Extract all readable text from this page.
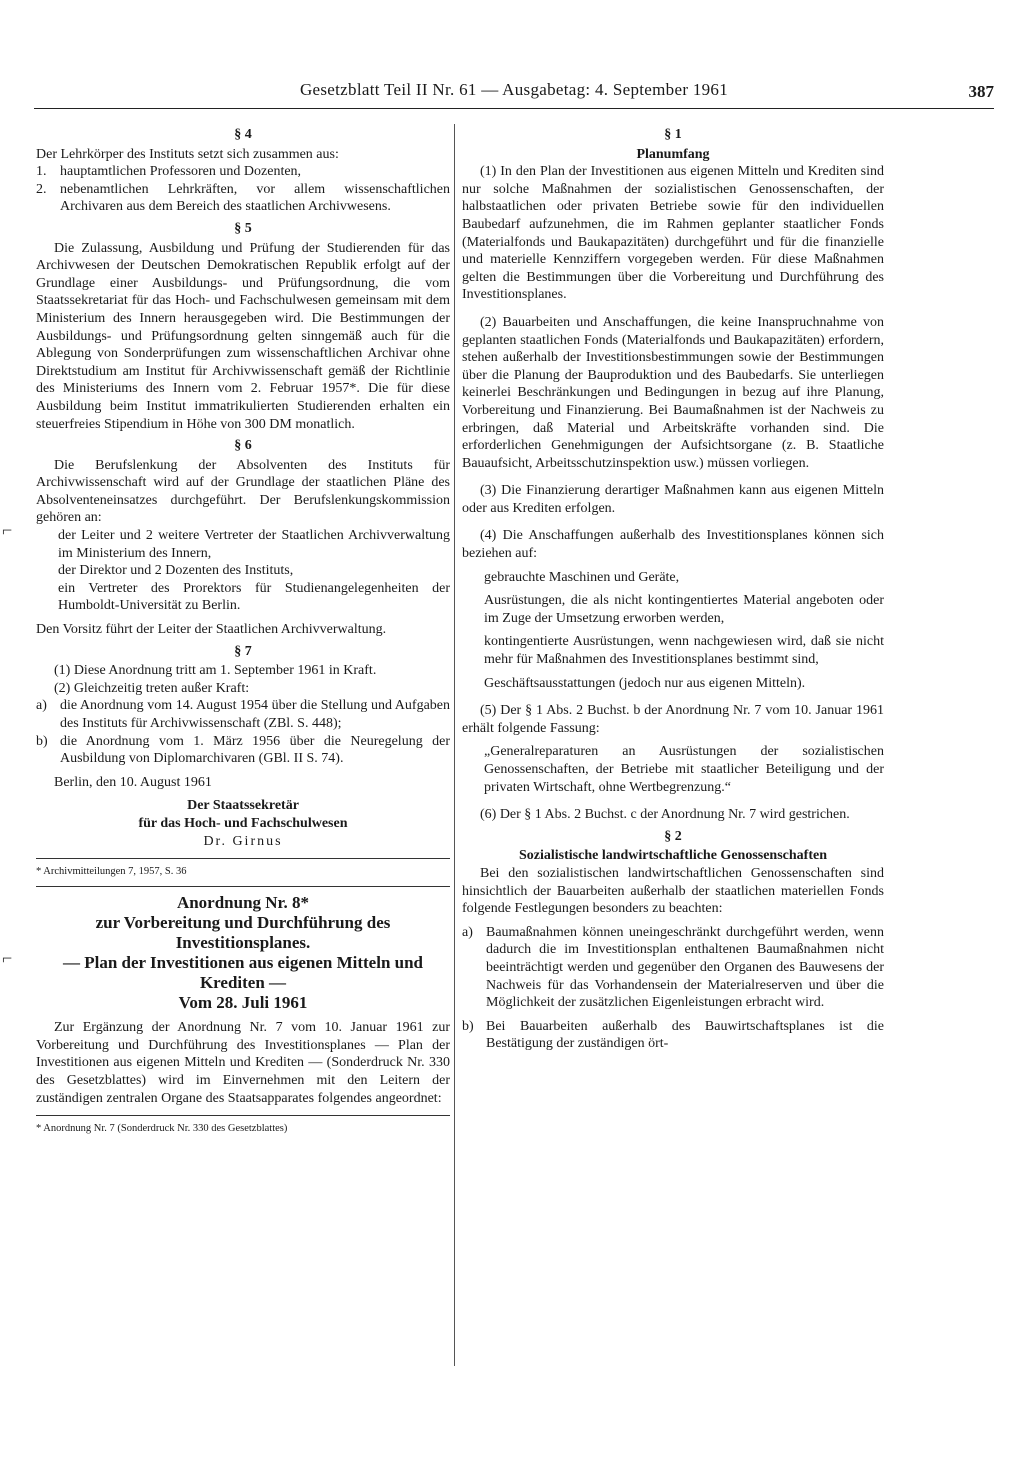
Gesetzblatt Teil II Nr. 61 — Ausgabetag: 4. September 1961	387

§ 4

Der Lehrkörper des Instituts setzt sich zusammen aus:

1. hauptamtlichen Professoren und Dozenten,
2. nebenamtlichen Lehrkräften, vor allem wissenschaftlichen Archivaren aus dem Bereich des staatlichen Archivwesens.

§ 5

Die Zulassung, Ausbildung und Prüfung der Studierenden für das Archivwesen der Deutschen Demokratischen Republik erfolgt auf der Grundlage einer Ausbildungs- und Prüfungsordnung, die vom Staatssekretariat für das Hoch- und Fachschulwesen gemeinsam mit dem Ministerium des Innern herausgegeben wird. Die Bestimmungen der Ausbildungs- und Prüfungsordnung gelten sinngemäß auch für die Ablegung von Sonderprüfungen zum wissenschaftlichen Archivar ohne Direktstudium am Institut für Archivwissenschaft gemäß der Richtlinie des Ministeriums des Innern vom 2. Februar 1957*. Die für diese Ausbildung beim Institut immatrikulierten Studierenden erhalten ein steuerfreies Stipendium in Höhe von 300 DM monatlich.

§ 6

Die Berufslenkung der Absolventen des Instituts für Archivwissenschaft wird auf der Grundlage der staatlichen Pläne des Absolventeneinsatzes durchgeführt. Der Berufslenkungskommission gehören an:

der Leiter und 2 weitere Vertreter der Staatlichen Archivverwaltung im Ministerium des Innern,

der Direktor und 2 Dozenten des Instituts,

ein Vertreter des Prorektors für Studienangelegenheiten der Humboldt-Universität zu Berlin.

Den Vorsitz führt der Leiter der Staatlichen Archivverwaltung.

§ 7

(1) Diese Anordnung tritt am 1. September 1961 in Kraft.

(2) Gleichzeitig treten außer Kraft:

a) die Anordnung vom 14. August 1954 über die Stellung und Aufgaben des Instituts für Archivwissenschaft (ZBl. S. 448);
b) die Anordnung vom 1. März 1956 über die Neuregelung der Ausbildung von Diplomarchivaren (GBl. II S. 74).

Berlin, den 10. August 1961

Der Staatssekretär

für das Hoch- und Fachschulwesen

Dr. Girnus

* Archivmitteilungen 7, 1957, S. 36

Anordnung Nr. 8*

zur Vorbereitung und Durchführung des Investitionsplanes.

— Plan der Investitionen aus eigenen Mitteln und Krediten —

Vom 28. Juli 1961

Zur Ergänzung der Anordnung Nr. 7 vom 10. Januar 1961 zur Vorbereitung und Durchführung des Investitionsplanes — Plan der Investitionen aus eigenen Mitteln und Krediten — (Sonderdruck Nr. 330 des Gesetzblattes) wird im Einvernehmen mit den Leitern der zuständigen zentralen Organe des Staatsapparates folgendes angeordnet:

* Anordnung Nr. 7 (Sonderdruck Nr. 330 des Gesetzblattes)

§ 1

Planumfang

(1) In den Plan der Investitionen aus eigenen Mitteln und Krediten sind nur solche Maßnahmen der sozialistischen Genossenschaften, der halbstaatlichen oder privaten Betriebe sowie für den individuellen Baubedarf aufzunehmen, die im Rahmen geplanter staatlicher Fonds (Materialfonds und Baukapazitäten) durchgeführt und für die finanzielle und materielle Kennziffern vorgegeben werden. Für diese Maßnahmen gelten die Bestimmungen über die Vorbereitung und Durchführung des Investitionsplanes.

(2) Bauarbeiten und Anschaffungen, die keine Inanspruchnahme von geplanten staatlichen Fonds (Materialfonds und Baukapazitäten) erfordern, stehen außerhalb der Investitionsbestimmungen sowie der Bestimmungen über die Planung der Bauproduktion und des Baubedarfs. Sie unterliegen keinerlei Beschränkungen und Bedingungen in bezug auf ihre Planung, Vorbereitung und Finanzierung. Bei Baumaßnahmen ist der Nachweis zu erbringen, daß Material und Arbeitskräfte vorhanden sind. Die erforderlichen Genehmigungen der Aufsichtsorgane (z. B. Staatliche Bauaufsicht, Arbeitsschutzinspektion usw.) müssen vorliegen.

(3) Die Finanzierung derartiger Maßnahmen kann aus eigenen Mitteln oder aus Krediten erfolgen.

(4) Die Anschaffungen außerhalb des Investitionsplanes können sich beziehen auf:

gebrauchte Maschinen und Geräte,

Ausrüstungen, die als nicht kontingentiertes Material angeboten oder im Zuge der Umsetzung erworben werden,

kontingentierte Ausrüstungen, wenn nachgewiesen wird, daß sie nicht mehr für Maßnahmen des Investitionsplanes bestimmt sind,

Geschäftsausstattungen (jedoch nur aus eigenen Mitteln).

(5) Der § 1 Abs. 2 Buchst. b der Anordnung Nr. 7 vom 10. Januar 1961 erhält folgende Fassung:

„Generalreparaturen an Ausrüstungen der sozialistischen Genossenschaften, der Betriebe mit staatlicher Beteiligung und der privaten Wirtschaft, ohne Wertbegrenzung.“

(6) Der § 1 Abs. 2 Buchst. c der Anordnung Nr. 7 wird gestrichen.

§ 2

Sozialistische landwirtschaftliche Genossenschaften

Bei den sozialistischen landwirtschaftlichen Genossenschaften sind hinsichtlich der Bauarbeiten außerhalb der staatlichen materiellen Fonds folgende Festlegungen besonders zu beachten:

a) Baumaßnahmen können uneingeschränkt durchgeführt werden, wenn dadurch die im Investitionsplan enthaltenen Baumaßnahmen nicht beeinträchtigt werden und gegenüber den Organen des Bauwesens der Nachweis für das Vorhandensein der Materialreserven und über die Möglichkeit der zusätzlichen Eigenleistungen erbracht wird.
b) Bei Bauarbeiten außerhalb des Bauwirtschaftsplanes ist die Bestätigung der zuständigen ört-
⌐
⌐
